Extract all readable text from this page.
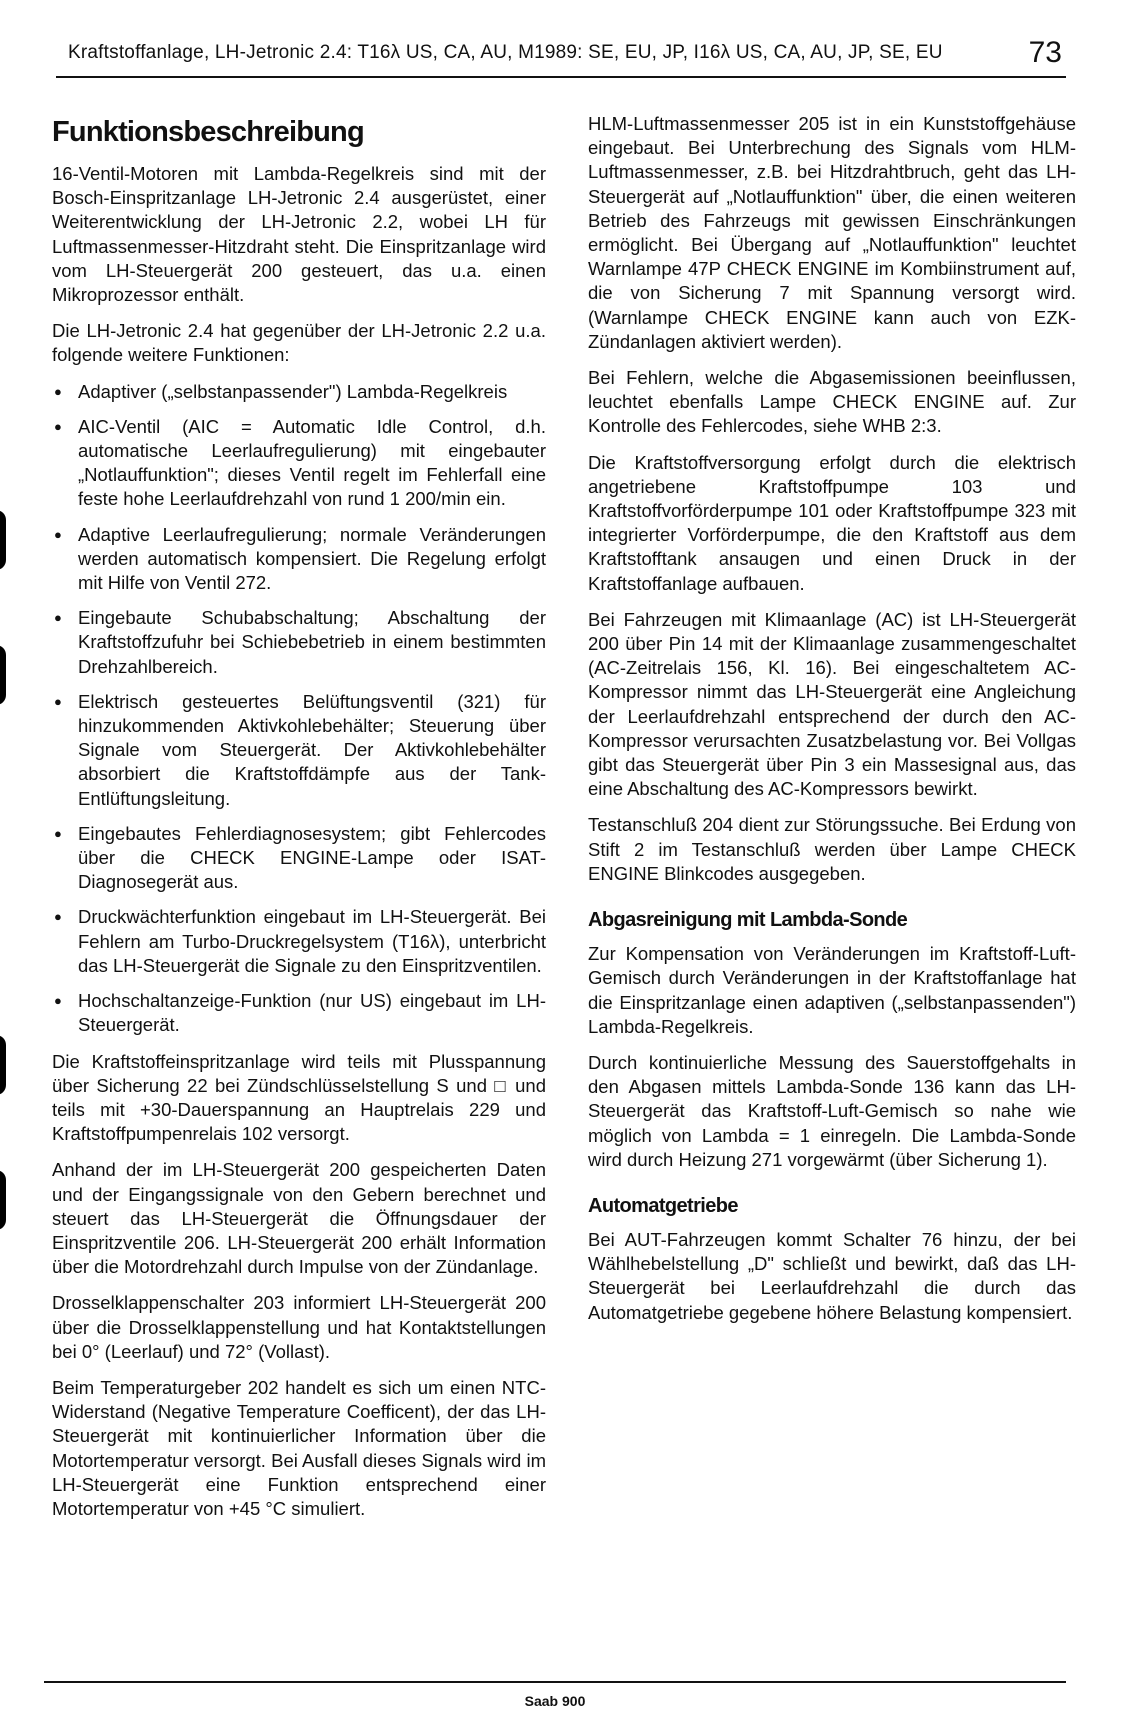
Kraftstoffanlage, LH-Jetronic 2.4: T16λ US, CA, AU, M1989: SE, EU, JP, I16λ US, CA, AU, JP, SE, EU	73
Funktionsbeschreibung

16-Ventil-Motoren mit Lambda-Regelkreis sind mit der Bosch-Einspritzanlage LH-Jetronic 2.4 ausgerüstet, einer Weiterentwicklung der LH-Jetronic 2.2, wobei LH für Luftmassenmesser-Hitzdraht steht. Die Einspritzanlage wird vom LH-Steuergerät 200 gesteuert, das u.a. einen Mikroprozessor enthält.

Die LH-Jetronic 2.4 hat gegenüber der LH-Jetronic 2.2 u.a. folgende weitere Funktionen:

● Adaptiver („selbstanpassender") Lambda-Regelkreis
● AIC-Ventil (AIC = Automatic Idle Control, d.h. automatische Leerlaufregulierung) mit eingebauter „Notlauffunktion"; dieses Ventil regelt im Fehlerfall eine feste hohe Leerlaufdrehzahl von rund 1 200/min ein.
● Adaptive Leerlaufregulierung; normale Veränderungen werden automatisch kompensiert. Die Regelung erfolgt mit Hilfe von Ventil 272.
● Eingebaute Schubabschaltung; Abschaltung der Kraftstoffzufuhr bei Schiebebetrieb in einem bestimmten Drehzahlbereich.
● Elektrisch gesteuertes Belüftungsventil (321) für hinzukommenden Aktivkohlebehälter; Steuerung über Signale vom Steuergerät. Der Aktivkohlebehälter absorbiert die Kraftstoffdämpfe aus der Tank-Entlüftungsleitung.
● Eingebautes Fehlerdiagnosesystem; gibt Fehlercodes über die CHECK ENGINE-Lampe oder ISAT-Diagnosegerät aus.
● Druckwächterfunktion eingebaut im LH-Steuergerät. Bei Fehlern am Turbo-Druckregelsystem (T16λ), unterbricht das LH-Steuergerät die Signale zu den Einspritzventilen.
● Hochschaltanzeige-Funktion (nur US) eingebaut im LH-Steuergerät.

Die Kraftstoffeinspritzanlage wird teils mit Plusspannung über Sicherung 22 bei Zündschlüsselstellung S und □ und teils mit +30-Dauerspannung an Hauptrelais 229 und Kraftstoffpumpenrelais 102 versorgt.

Anhand der im LH-Steuergerät 200 gespeicherten Daten und der Eingangssignale von den Gebern berechnet und steuert das LH-Steuergerät die Öffnungsdauer der Einspritzventile 206. LH-Steuergerät 200 erhält Information über die Motordrehzahl durch Impulse von der Zündanlage.

Drosselklappenschalter 203 informiert LH-Steuergerät 200 über die Drosselklappenstellung und hat Kontaktstellungen bei 0° (Leerlauf) und 72° (Vollast).

Beim Temperaturgeber 202 handelt es sich um einen NTC-Widerstand (Negative Temperature Coefficent), der das LH-Steuergerät mit kontinuierlicher Information über die Motortemperatur versorgt. Bei Ausfall dieses Signals wird im LH-Steuergerät eine Funktion entsprechend einer Motortemperatur von +45 °C simuliert.

HLM-Luftmassenmesser 205 ist in ein Kunststoffgehäuse eingebaut. Bei Unterbrechung des Signals vom HLM-Luftmassenmesser, z.B. bei Hitzdrahtbruch, geht das LH-Steuergerät auf „Notlauffunktion" über, die einen weiteren Betrieb des Fahrzeugs mit gewissen Einschränkungen ermöglicht. Bei Übergang auf „Notlauffunktion" leuchtet Warnlampe 47P CHECK ENGINE im Kombiinstrument auf, die von Sicherung 7 mit Spannung versorgt wird. (Warnlampe CHECK ENGINE kann auch von EZK-Zündanlagen aktiviert werden).

Bei Fehlern, welche die Abgasemissionen beeinflussen, leuchtet ebenfalls Lampe CHECK ENGINE auf. Zur Kontrolle des Fehlercodes, siehe WHB 2:3.

Die Kraftstoffversorgung erfolgt durch die elektrisch angetriebene Kraftstoffpumpe 103 und Kraftstoffvorförderpumpe 101 oder Kraftstoffpumpe 323 mit integrierter Vorförderpumpe, die den Kraftstoff aus dem Kraftstofftank ansaugen und einen Druck in der Kraftstoffanlage aufbauen.

Bei Fahrzeugen mit Klimaanlage (AC) ist LH-Steuergerät 200 über Pin 14 mit der Klimaanlage zusammengeschaltet (AC-Zeitrelais 156, Kl. 16). Bei eingeschaltetem AC-Kompressor nimmt das LH-Steuergerät eine Angleichung der Leerlaufdrehzahl entsprechend der durch den AC-Kompressor verursachten Zusatzbelastung vor. Bei Vollgas gibt das Steuergerät über Pin 3 ein Massesignal aus, das eine Abschaltung des AC-Kompressors bewirkt.

Testanschluß 204 dient zur Störungssuche. Bei Erdung von Stift 2 im Testanschluß werden über Lampe CHECK ENGINE Blinkcodes ausgegeben.

Abgasreinigung mit Lambda-Sonde

Zur Kompensation von Veränderungen im Kraftstoff-Luft-Gemisch durch Veränderungen in der Kraftstoffanlage hat die Einspritzanlage einen adaptiven („selbstanpassenden") Lambda-Regelkreis.

Durch kontinuierliche Messung des Sauerstoffgehalts in den Abgasen mittels Lambda-Sonde 136 kann das LH-Steuergerät das Kraftstoff-Luft-Gemisch so nahe wie möglich von Lambda = 1 einregeln. Die Lambda-Sonde wird durch Heizung 271 vorgewärmt (über Sicherung 1).

Automatgetriebe

Bei AUT-Fahrzeugen kommt Schalter 76 hinzu, der bei Wählhebelstellung „D" schließt und bewirkt, daß das LH-Steuergerät bei Leerlaufdrehzahl die durch das Automatgetriebe gegebene höhere Belastung kompensiert.

Saab 900
